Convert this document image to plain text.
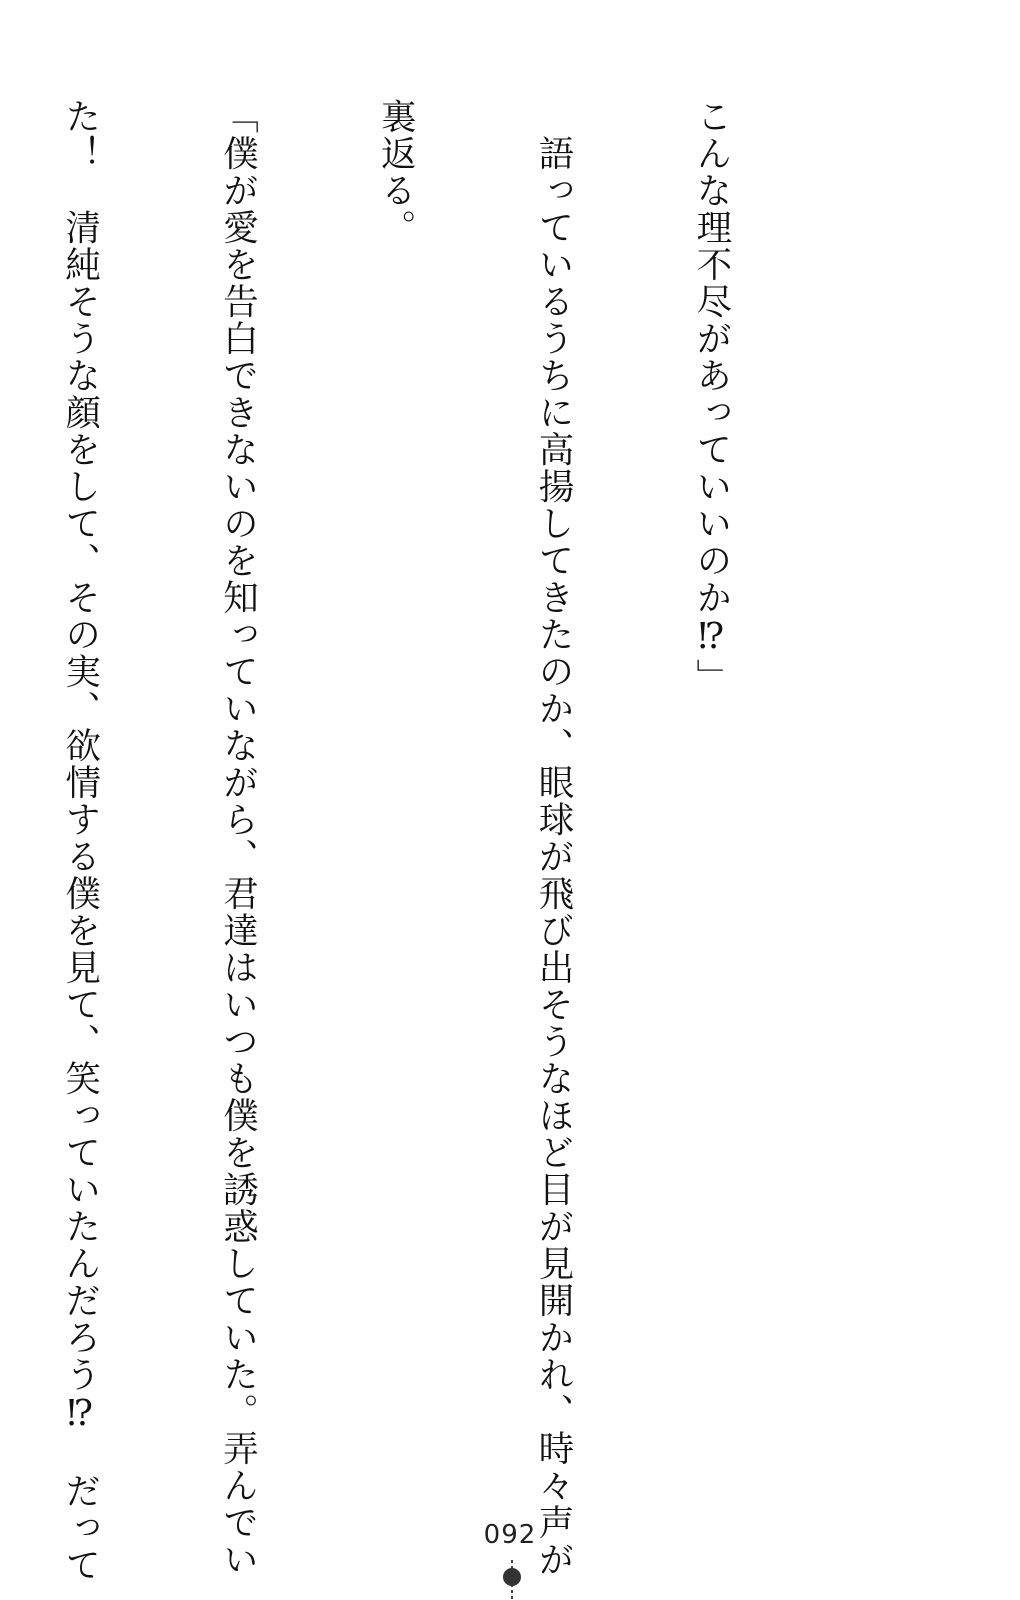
こんな理不尽があっていいのか⁉」

　語っているうちに高揚してきたのか、眼球が飛び出そうなほど目が見開かれ、時々声が

裏返る。

「僕が愛を告白できないのを知っていながら、君達はいつも僕を誘惑していた。弄んでい

た！　清純そうな顔をして、その実、欲情する僕を見て、笑っていたんだろう⁉　だって

	092
